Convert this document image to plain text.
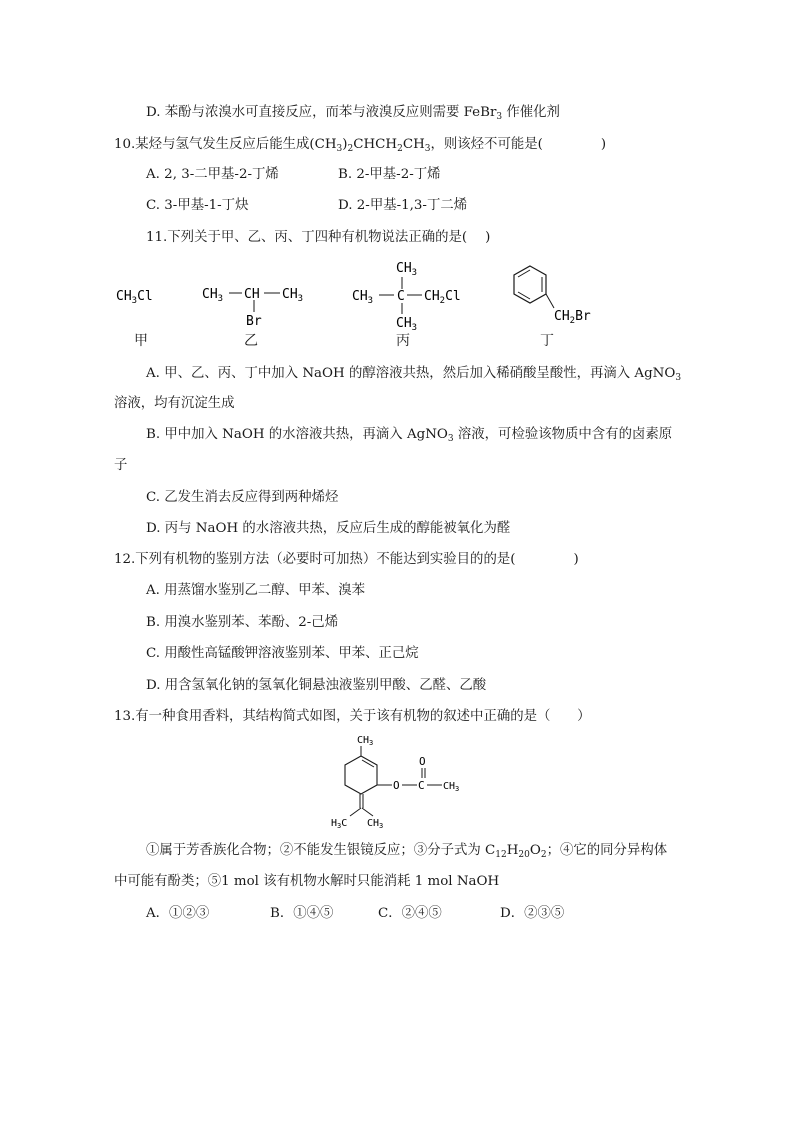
D. 苯酚与浓溴水可直接反应，而苯与液溴反应则需要 FeBr$_3$ 作催化剂
10.某烃与氢气发生反应后能生成$(CH_3)_2CHCH_2CH_3$，则该烃不可能是(	)
A. 2, 3-二甲基-2-丁烯	B. 2-甲基-2-丁烯
C. 3-甲基-1-丁炔	D. 2-甲基-1,3-丁二烯
11.下列关于甲、乙、丙、丁四种有机物说法正确的是( )
$CH_3Cl$
甲
$CH_3$ CH $CH_3$
Br
乙
$CH_3$
$CH_3$ C $CH_2Cl$
$CH_3$
丙
$CH_2Br$
丁
A. 甲、乙、丙、丁中加入 NaOH 的醇溶液共热，然后加入稀硝酸呈酸性，再滴入 AgNO$_3$
溶液，均有沉淀生成
B. 甲中加入 NaOH 的水溶液共热，再滴入 AgNO$_3$ 溶液，可检验该物质中含有的卤素原
子
C. 乙发生消去反应得到两种烯烃
D. 丙与 NaOH 的水溶液共热，反应后生成的醇能被氧化为醛
12.下列有机物的鉴别方法（必要时可加热）不能达到实验目的的是(	)
A. 用蒸馏水鉴别乙二醇、甲苯、溴苯
B. 用溴水鉴别苯、苯酚、2-己烯
C. 用酸性高锰酸钾溶液鉴别苯、甲苯、正己烷
D. 用含氢氧化钠的氢氧化铜悬浊液鉴别甲酸、乙醛、乙酸
13.有一种食用香料，其结构简式如图，关于该有机物的叙述中正确的是（　　）
$CH_3$
O C
O
$CH_3$
$H_3C$ $CH_3$
①属于芳香族化合物；②不能发生银镜反应；③分子式为 $C_{12}H_{20}O_2$；④它的同分异构体
中可能有酚类；⑤1 mol 该有机物水解时只能消耗 1 mol NaOH
A．①②③	B．①④⑤	C．②④⑤	D．②③⑤
